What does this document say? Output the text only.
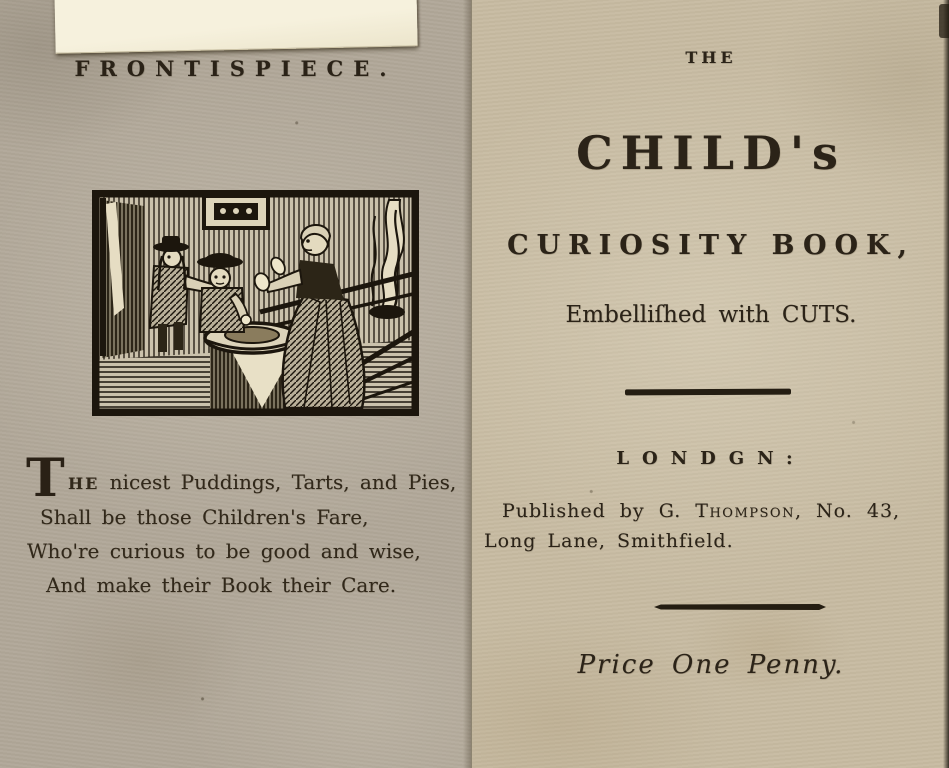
FRONTISPIECE.
T HE nicest Puddings, Tarts, and Pies,
Shall be those Children's Fare,
Who're curious to be good and wise,
And make their Book their Care.
THE
CHILD's
CURIOSITY BOOK,
Embelliſhed with CUTS.
LONDGN:
Published by G. Thompson, No. 43,
Long Lane, Smithfield.
Price One Penny.
